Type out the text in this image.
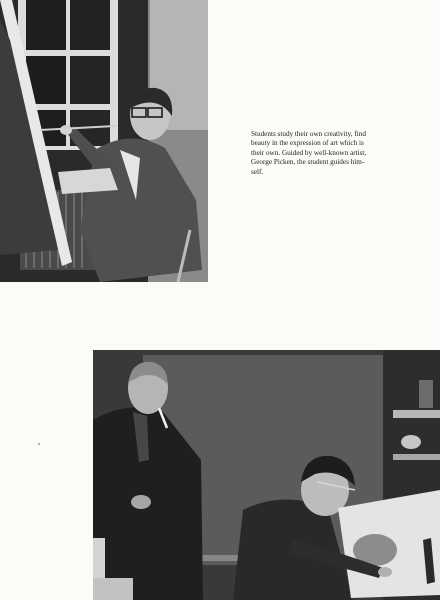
Students study their own creativity, find
beauty in the expression of art which is
their own. Guided by well-known artist,
George Picken, the student guides him-
self.
